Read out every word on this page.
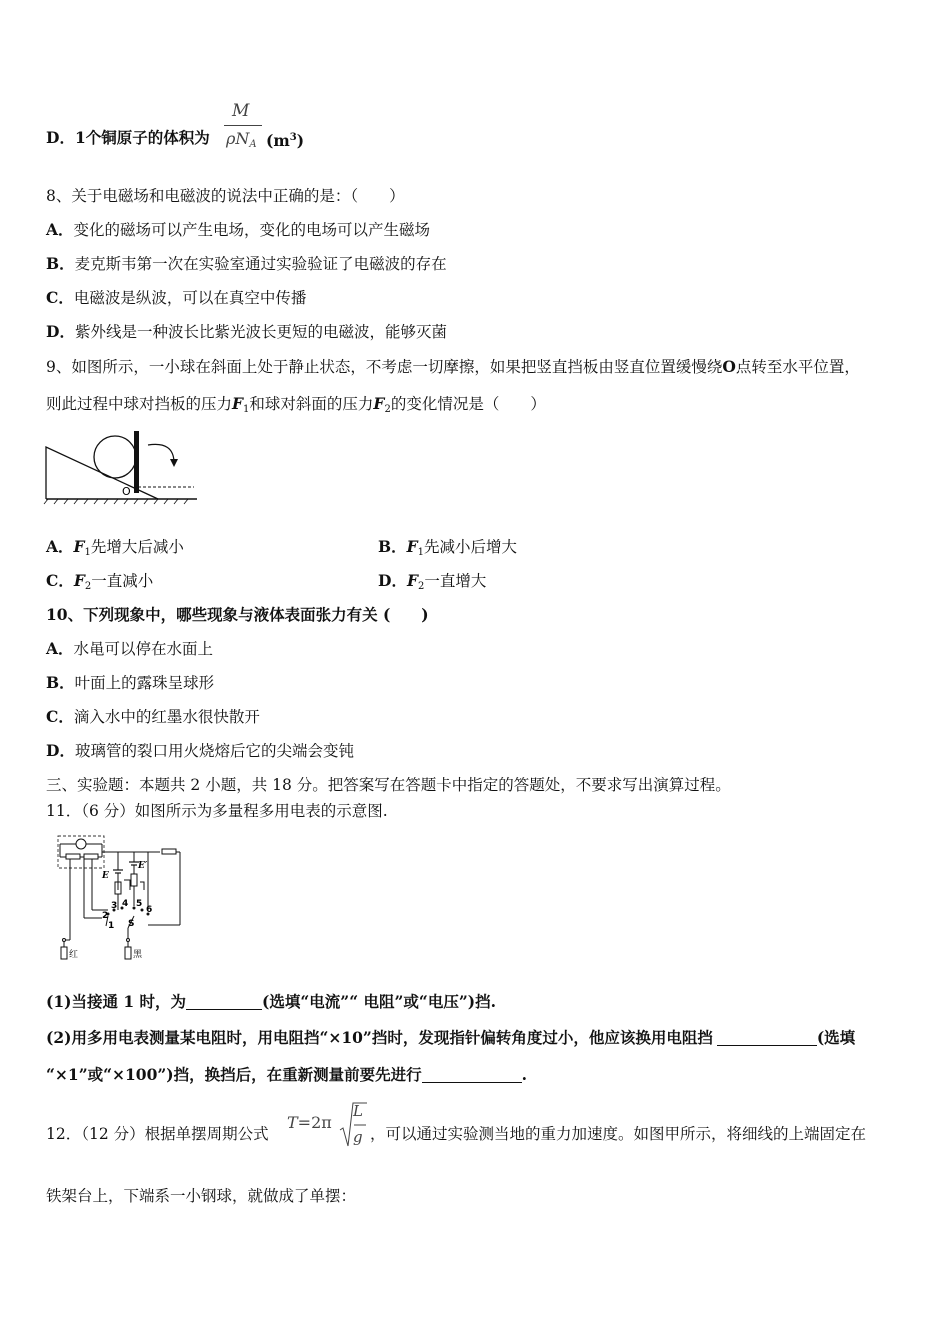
D．1个铜原子的体积为
M
$\rho N_A$ $(m^3)$
8、关于电磁场和电磁波的说法中正确的是：（　　）
A．变化的磁场可以产生电场，变化的电场可以产生磁场
B．麦克斯韦第一次在实验室通过实验验证了电磁波的存在
C．电磁波是纵波，可以在真空中传播
D．紫外线是一种波长比紫光波长更短的电磁波，能够灭菌
9、如图所示，一小球在斜面上处于静止状态，不考虑一切摩擦，如果把竖直挡板由竖直位置缓慢绕O点转至水平位置，
则此过程中球对挡板的压力$F_1$和球对斜面的压力$F_2$的变化情况是（　　）
O
A．$F_1$先增大后减小	B．$F_1$先减小后增大
C．$F_2$一直减小	D．$F_2$一直增大
10、下列现象中，哪些现象与液体表面张力有关 (　　)
A．水黾可以停在水面上
B．叶面上的露珠呈球形
C．滴入水中的红墨水很快散开
D．玻璃管的裂口用火烧熔后它的尖端会变钝
三、实验题：本题共 2 小题，共 18 分。把答案写在答题卡中指定的答题处，不要求写出演算过程。
11．（6 分）如图所示为多量程多用电表的示意图.
E
E′
1
2
3 4 5
6
S
红	黑
(1)当接通 1 时，为	(选填“电流”“ 电阻”或“电压”)挡.
(2)用多用电表测量某电阻时，用电阻挡“×10”挡时，发现指针偏转角度过小，他应该换用电阻挡	(选填
“×1”或“×100”)挡，换挡后，在重新测量前要先进行	.
12．（12 分）根据单摆周期公式
T=2π
L
g ，可以通过实验测当地的重力加速度。如图甲所示，将细线的上端固定在
铁架台上，下端系一小钢球，就做成了单摆：
